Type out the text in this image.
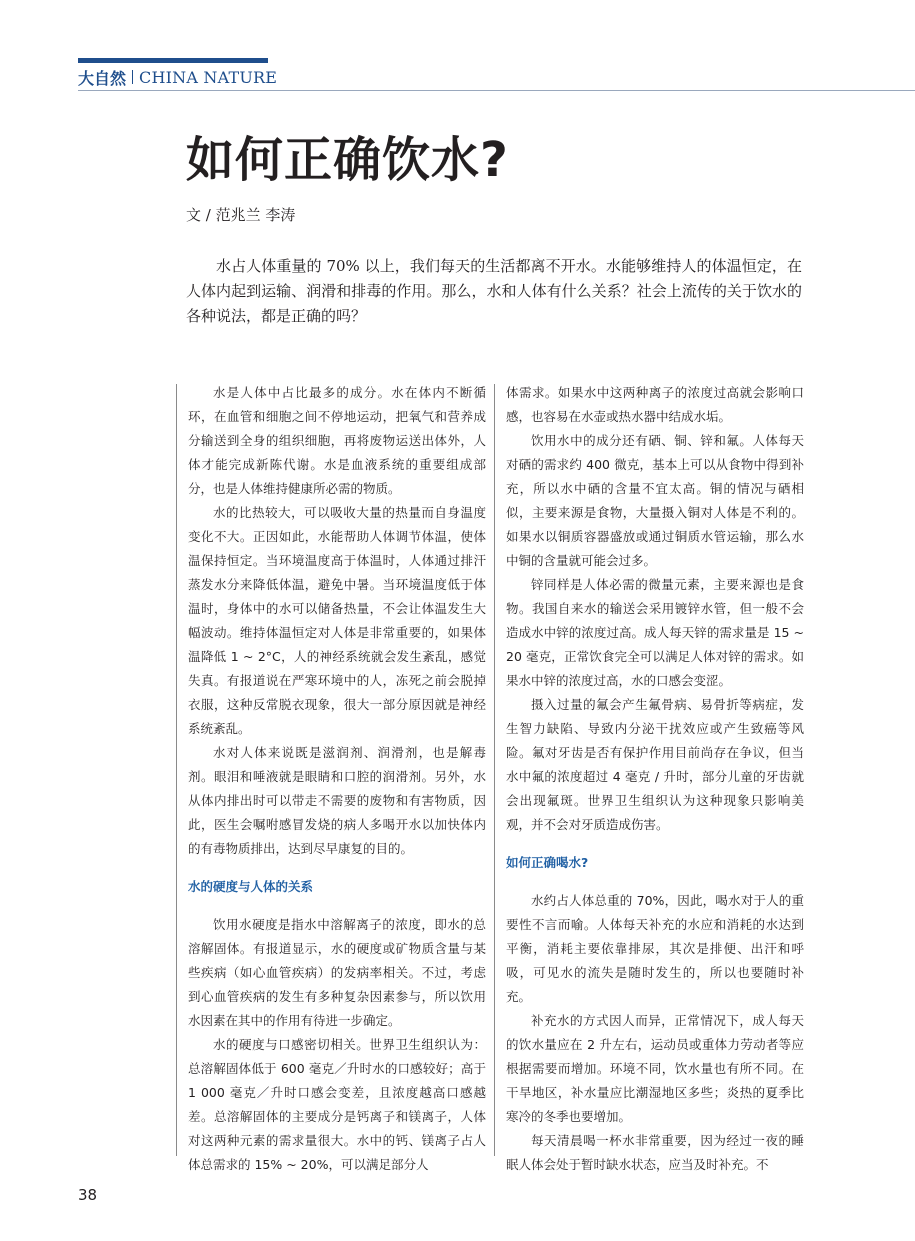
大自然 CHINA NATURE
如何正确饮水?
文 / 范兆兰 李涛

水占人体重量的 70% 以上，我们每天的生活都离不开水。水能够维持人的体温恒定，在人体内起到运输、润滑和排毒的作用。那么，水和人体有什么关系？社会上流传的关于饮水的各种说法，都是正确的吗？

水是人体中占比最多的成分。水在体内不断循环，在血管和细胞之间不停地运动，把氧气和营养成分输送到全身的组织细胞，再将废物运送出体外，人体才能完成新陈代谢。水是血液系统的重要组成部分，也是人体维持健康所必需的物质。

水的比热较大，可以吸收大量的热量而自身温度变化不大。正因如此，水能帮助人体调节体温，使体温保持恒定。当环境温度高于体温时，人体通过排汗蒸发水分来降低体温，避免中暑。当环境温度低于体温时，身体中的水可以储备热量，不会让体温发生大幅波动。维持体温恒定对人体是非常重要的，如果体温降低 1 ~ 2°C，人的神经系统就会发生紊乱，感觉失真。有报道说在严寒环境中的人，冻死之前会脱掉衣服，这种反常脱衣现象，很大一部分原因就是神经系统紊乱。

水对人体来说既是滋润剂、润滑剂，也是解毒剂。眼泪和唾液就是眼睛和口腔的润滑剂。另外，水从体内排出时可以带走不需要的废物和有害物质，因此，医生会嘱咐感冒发烧的病人多喝开水以加快体内的有毒物质排出，达到尽早康复的目的。

水的硬度与人体的关系

饮用水硬度是指水中溶解离子的浓度，即水的总溶解固体。有报道显示，水的硬度或矿物质含量与某些疾病（如心血管疾病）的发病率相关。不过，考虑到心血管疾病的发生有多种复杂因素参与，所以饮用水因素在其中的作用有待进一步确定。

水的硬度与口感密切相关。世界卫生组织认为：总溶解固体低于 600 毫克／升时水的口感较好；高于 1 000 毫克／升时口感会变差，且浓度越高口感越差。总溶解固体的主要成分是钙离子和镁离子，人体对这两种元素的需求量很大。水中的钙、镁离子占人体总需求的 15% ~ 20%，可以满足部分人

体需求。如果水中这两种离子的浓度过高就会影响口感，也容易在水壶或热水器中结成水垢。

饮用水中的成分还有硒、铜、锌和氟。人体每天对硒的需求约 400 微克，基本上可以从食物中得到补充，所以水中硒的含量不宜太高。铜的情况与硒相似，主要来源是食物，大量摄入铜对人体是不利的。如果水以铜质容器盛放或通过铜质水管运输，那么水中铜的含量就可能会过多。

锌同样是人体必需的微量元素，主要来源也是食物。我国自来水的输送会采用镀锌水管，但一般不会造成水中锌的浓度过高。成人每天锌的需求量是 15 ~ 20 毫克，正常饮食完全可以满足人体对锌的需求。如果水中锌的浓度过高，水的口感会变涩。

摄入过量的氟会产生氟骨病、易骨折等病症，发生智力缺陷、导致内分泌干扰效应或产生致癌等风险。氟对牙齿是否有保护作用目前尚存在争议，但当水中氟的浓度超过 4 毫克 / 升时，部分儿童的牙齿就会出现氟斑。世界卫生组织认为这种现象只影响美观，并不会对牙质造成伤害。

如何正确喝水?

水约占人体总重的 70%，因此，喝水对于人的重要性不言而喻。人体每天补充的水应和消耗的水达到平衡，消耗主要依靠排尿，其次是排便、出汗和呼吸，可见水的流失是随时发生的，所以也要随时补充。

补充水的方式因人而异，正常情况下，成人每天的饮水量应在 2 升左右，运动员或重体力劳动者等应根据需要而增加。环境不同，饮水量也有所不同。在干旱地区，补水量应比潮湿地区多些；炎热的夏季比寒冷的冬季也要增加。

每天清晨喝一杯水非常重要，因为经过一夜的睡眠人体会处于暂时缺水状态，应当及时补充。不

38
